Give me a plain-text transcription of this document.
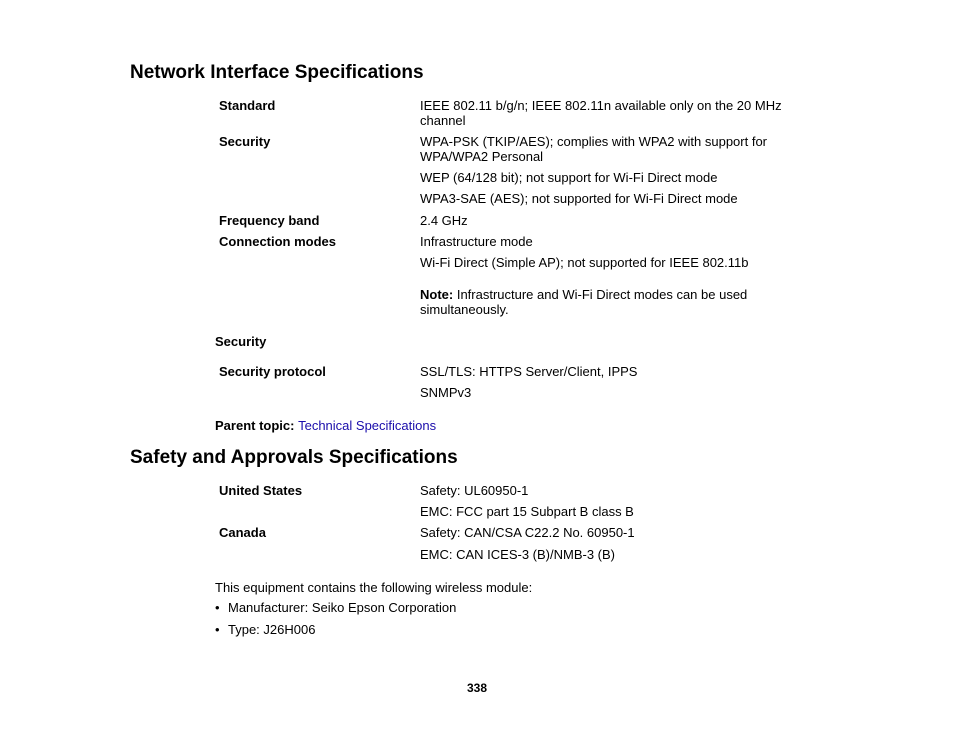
Network Interface Specifications
Standard	IEEE 802.11 b/g/n; IEEE 802.11n available only on the 20 MHz channel
Security	WPA-PSK (TKIP/AES); complies with WPA2 with support for WPA/WPA2 Personal
WEP (64/128 bit); not support for Wi-Fi Direct mode
WPA3-SAE (AES); not supported for Wi-Fi Direct mode
Frequency band	2.4 GHz
Connection modes	Infrastructure mode
Wi-Fi Direct (Simple AP); not supported for IEEE 802.11b
Note: Infrastructure and Wi-Fi Direct modes can be used simultaneously.
Security
Security protocol	SSL/TLS: HTTPS Server/Client, IPPS
SNMPv3
Parent topic: Technical Specifications
Safety and Approvals Specifications
United States	Safety: UL60950-1
EMC: FCC part 15 Subpart B class B
Canada	Safety: CAN/CSA C22.2 No. 60950-1
EMC: CAN ICES-3 (B)/NMB-3 (B)
This equipment contains the following wireless module:
• Manufacturer: Seiko Epson Corporation
• Type: J26H006
338
